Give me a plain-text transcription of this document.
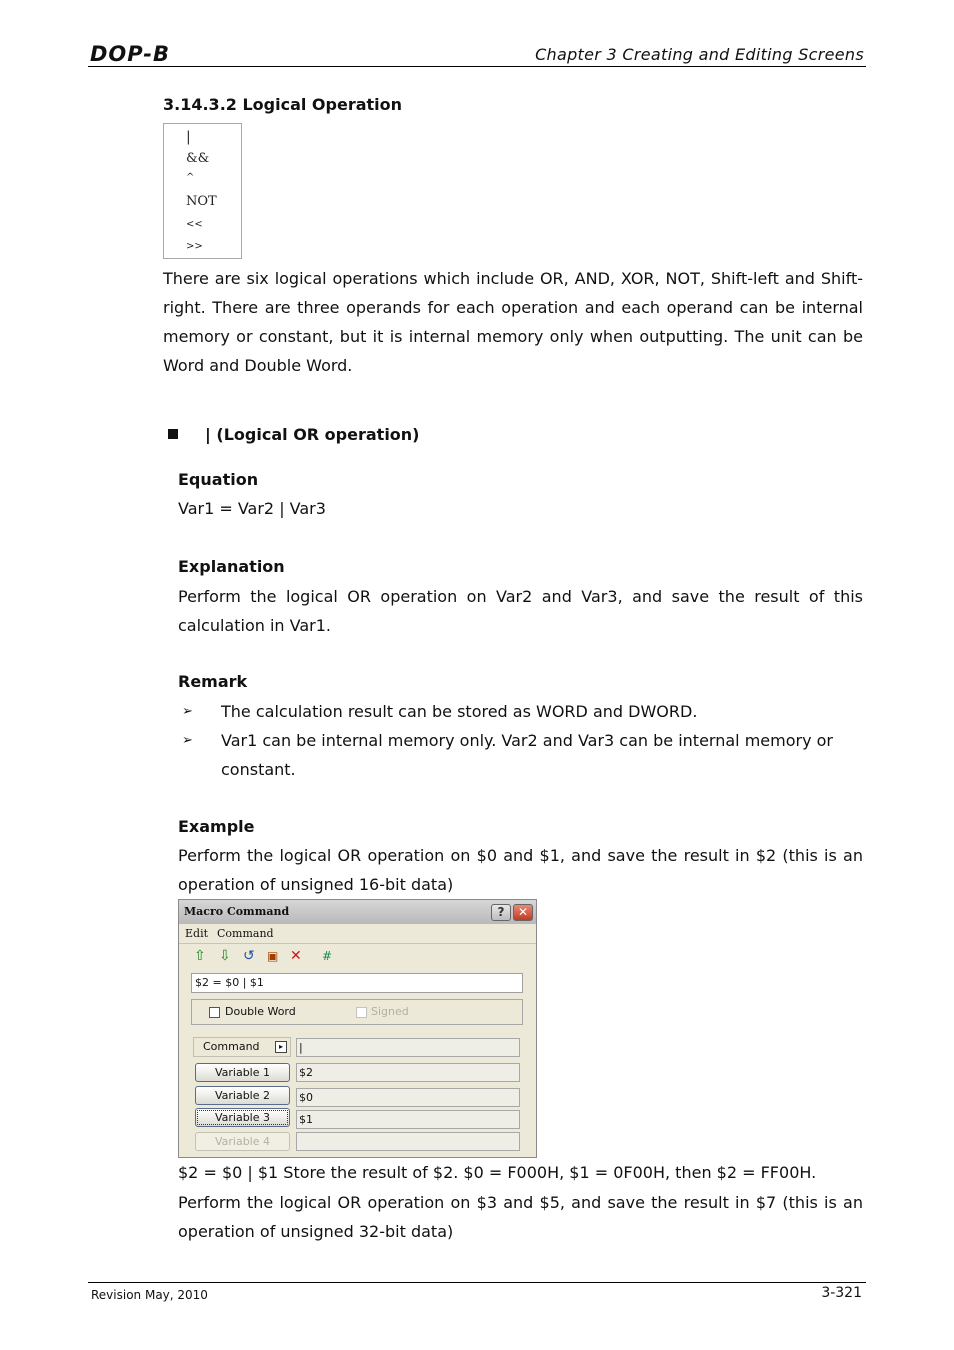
DOP-B	Chapter 3 Creating and Editing Screens
3.14.3.2 Logical Operation
|
&&
^
NOT
<<
>>

There are six logical operations which include OR, AND, XOR, NOT, Shift-left and Shift-right. There are three operands for each operation and each operand can be internal memory or constant, but it is internal memory only when outputting. The unit can be Word and Double Word.

| (Logical OR operation)
Equation
Var1 = Var2 | Var3
Explanation

Perform the logical OR operation on Var2 and Var3, and save the result of this calculation in Var1.

Remark
➢ The calculation result can be stored as WORD and DWORD.
➢ Var1 can be internal memory only. Var2 and Var3 can be internal memory or constant.
Example

Perform the logical OR operation on $0 and $1, and save the result in $2 (this is an operation of unsigned 16-bit data)

Macro Command	?	✕
Edit Command
⇧ ⇩ ↺ ▣ ✕ #
$2 = $0 | $1
Double Word	Signed
Command	▸	|
Variable 1	$2
Variable 2	$0
Variable 3	$1
Variable 4
$2 = $0 | $1 Store the result of $2. $0 = F000H, $1 = 0F00H, then $2 = FF00H.

Perform the logical OR operation on $3 and $5, and save the result in $7 (this is an operation of unsigned 32-bit data)

Revision May, 2010	3-321
